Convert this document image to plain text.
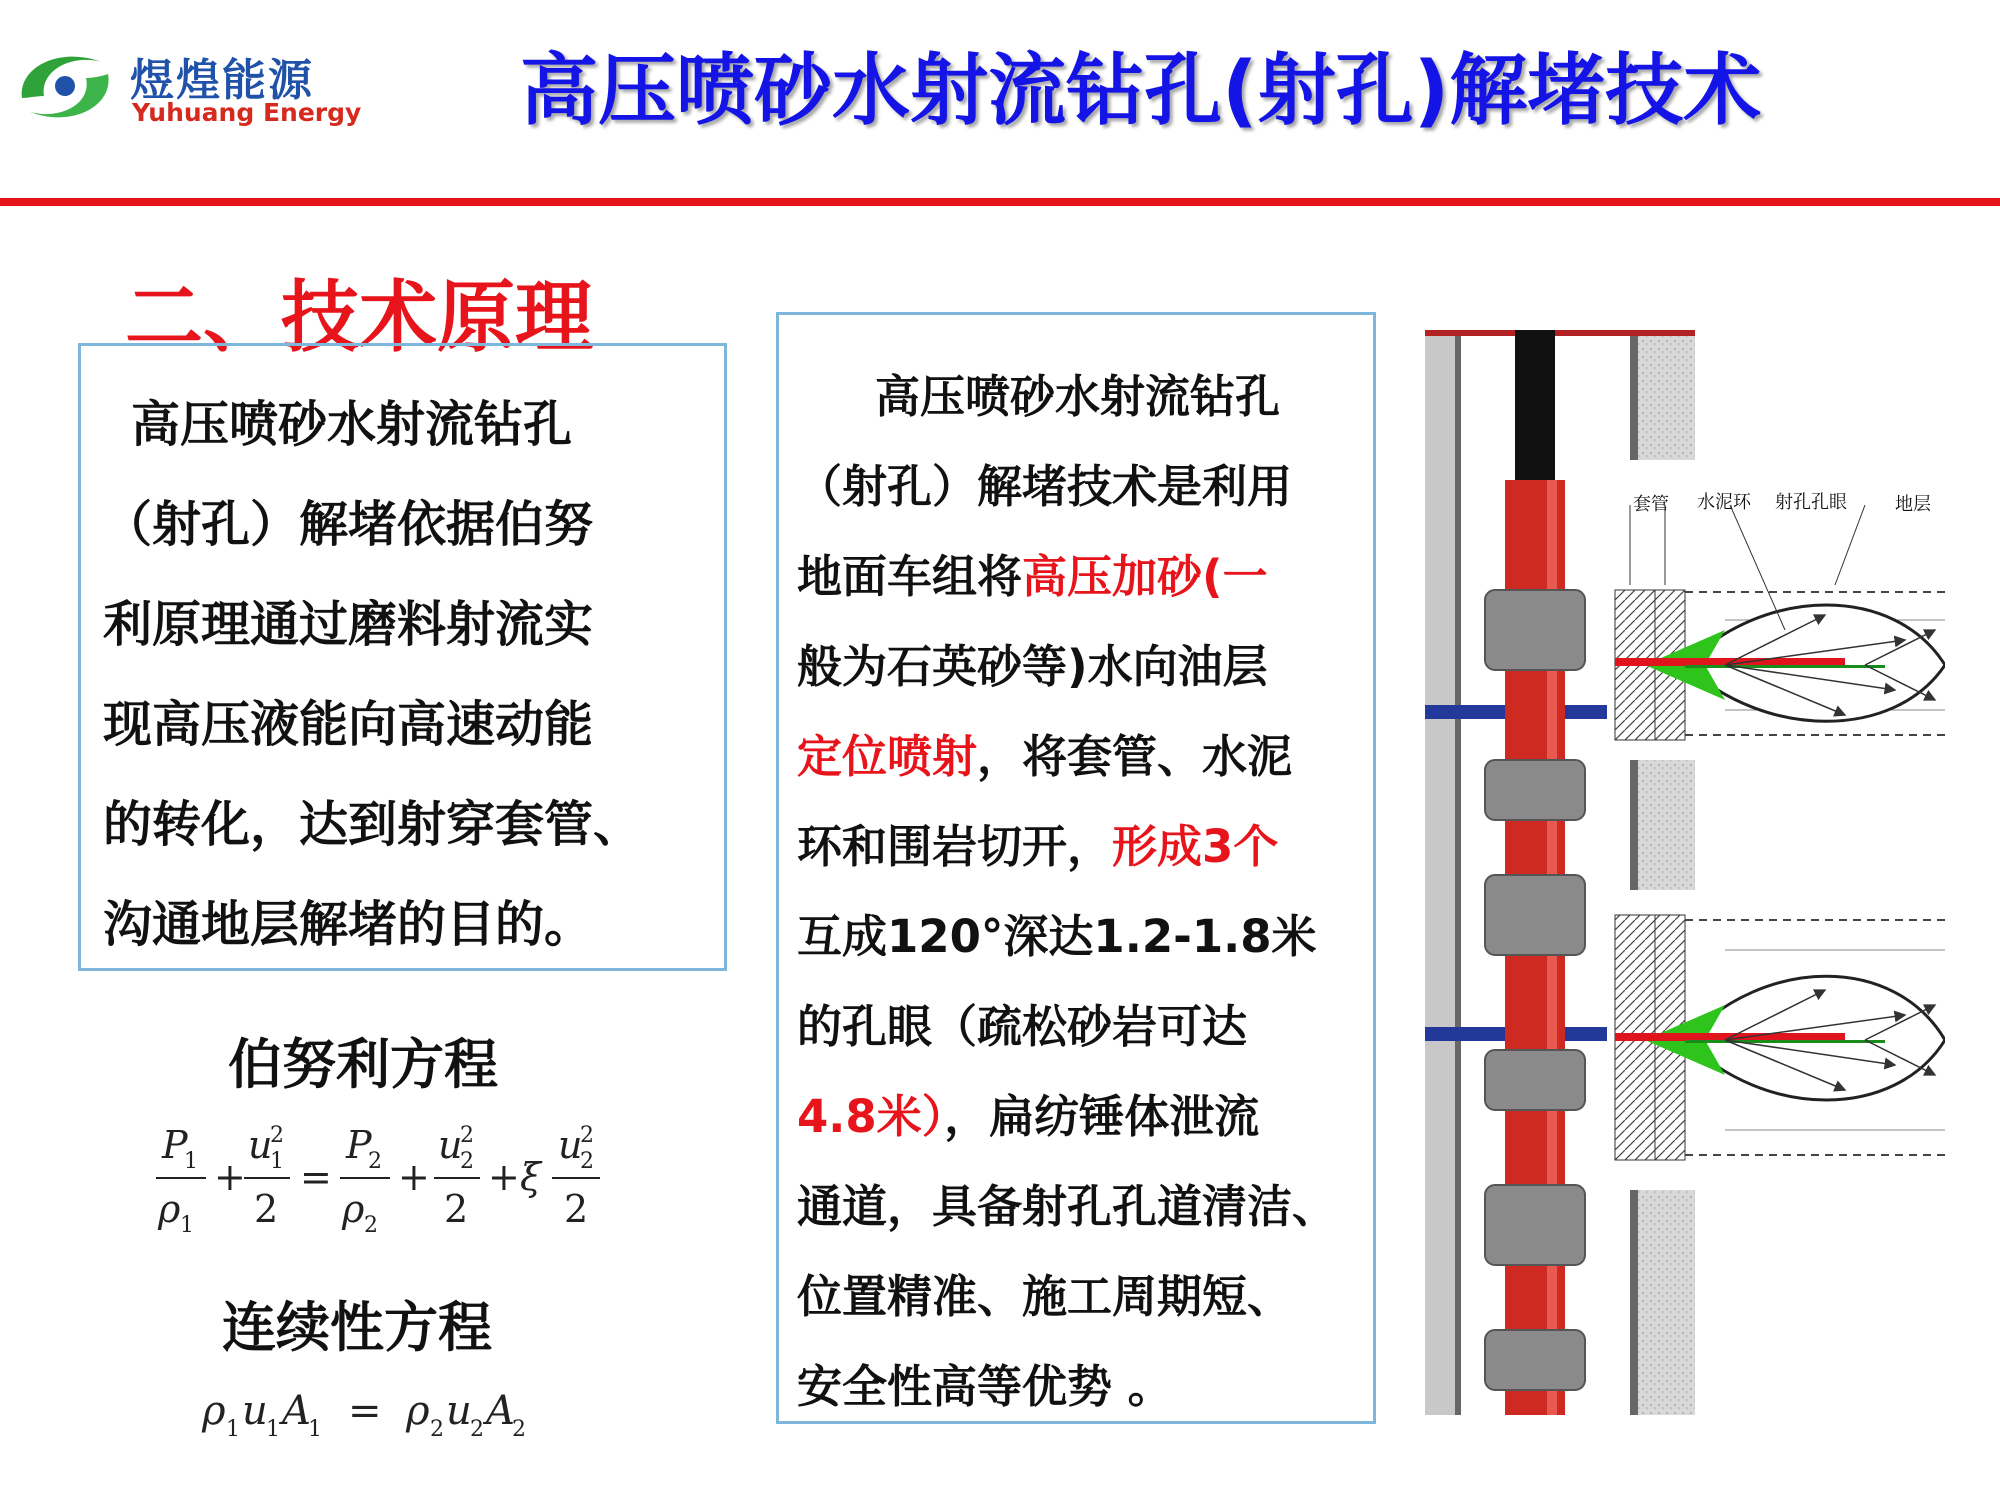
煜煌能源
Yuhuang Energy 高压喷砂水射流钻孔(射孔)解堵技术
二、技术原理
高压喷砂水射流钻孔
（射孔）解堵依据伯努
利原理通过磨料射流实
现高压液能向高速动能
的转化，达到射穿套管、
沟通地层解堵的目的。
伯努利方程
P
1
ρ 1
+
u
2
1
2
=
P
2
ρ 2
+
u
2
2
2
+ ξ
u
2
2
2
连续性方程
ρ 1 u
1 A
1 = ρ 2 u
2 A
2
高压喷砂水射流钻孔
（射孔）解堵技术是利用
地面车组将高压加砂(一
般为石英砂等)水向油层
定位喷射，将套管、水泥
环和围岩切开，形成3个
互成120°深达1.2-1.8米
的孔眼（疏松砂岩可达
4.8米），扁纺锤体泄流
通道，具备射孔孔道清洁、
位置精准、施工周期短、
安全性高等优势 。
套管 水泥环 射孔孔眼	地层
